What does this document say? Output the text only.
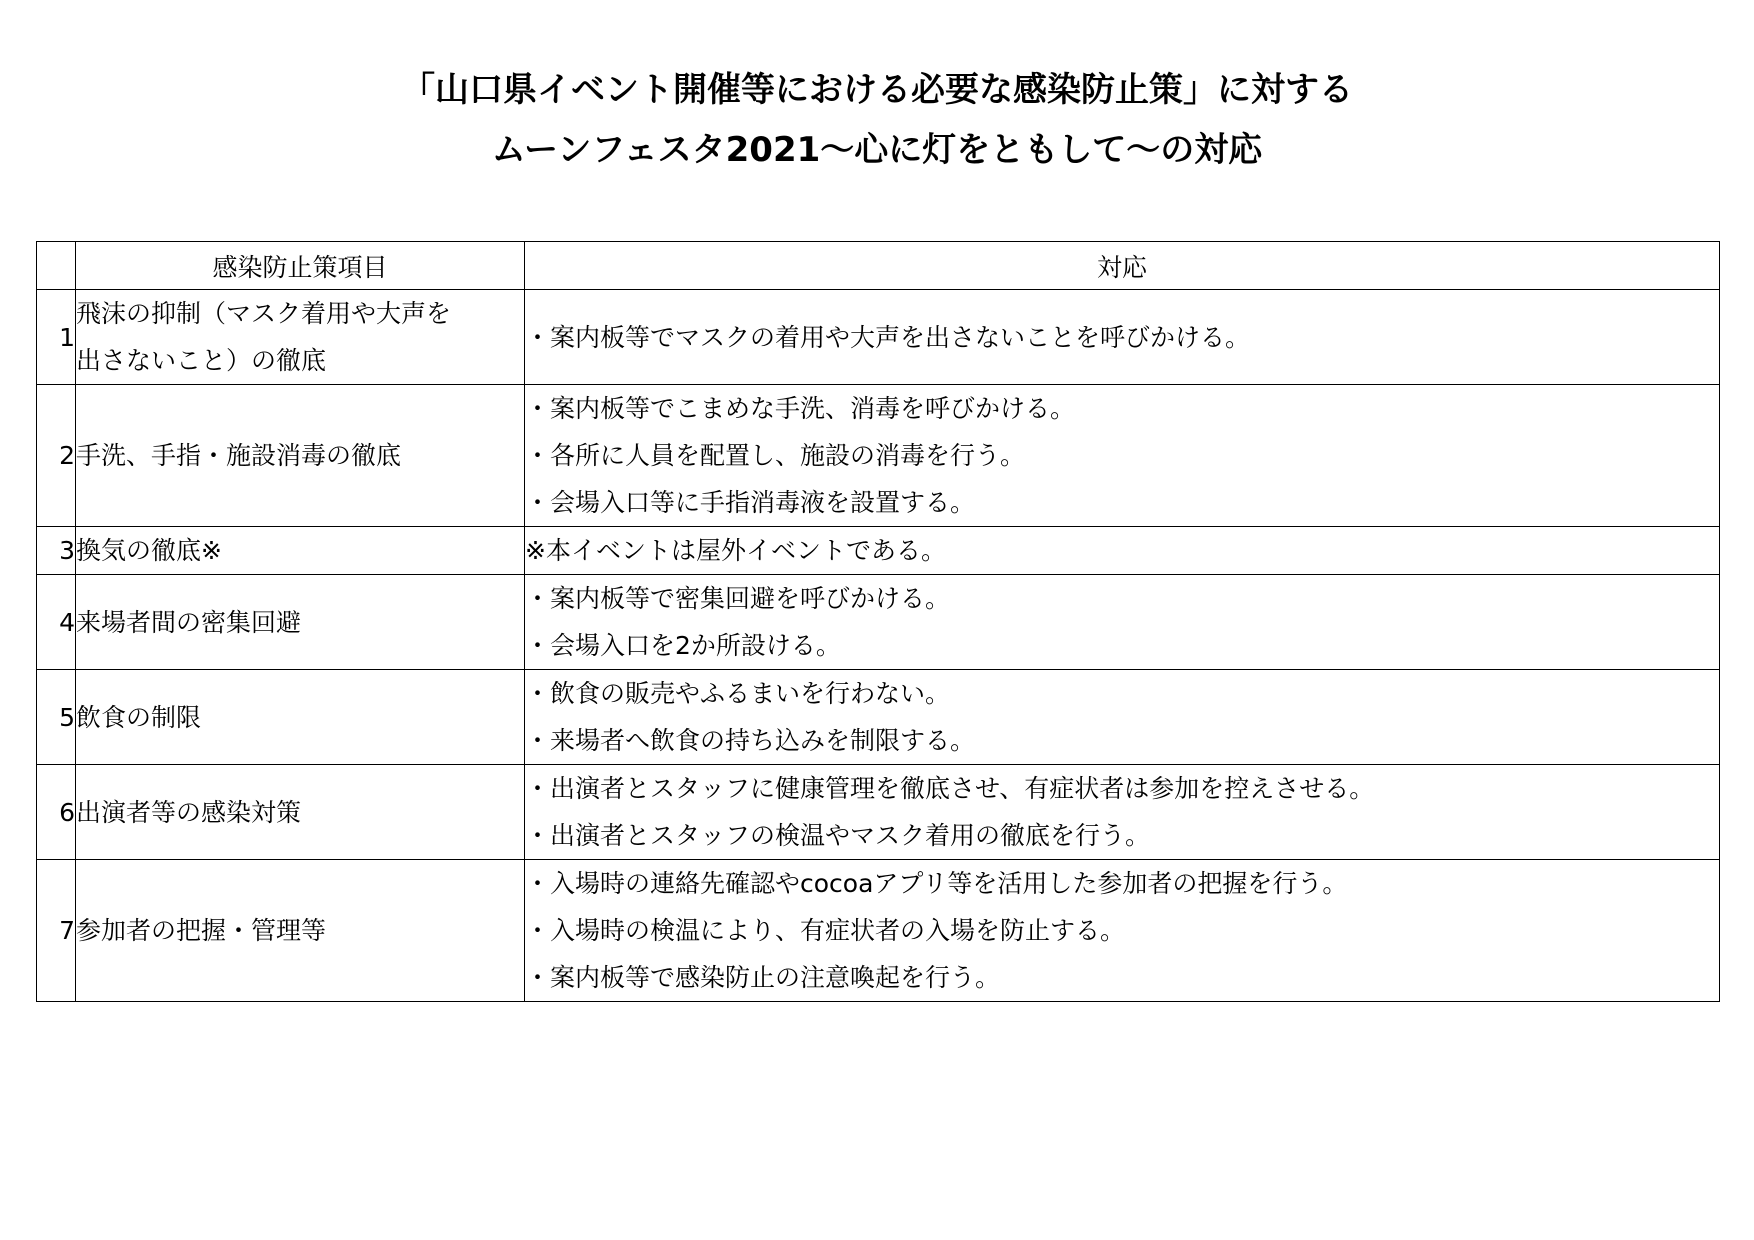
「山口県イベント開催等における必要な感染防止策」に対する
ムーンフェスタ2021～心に灯をともして～の対応
	感染防止策項目	対応
1	飛沫の抑制（マスク着用や大声を
出さないこと）の徹底	・案内板等でマスクの着用や大声を出さないことを呼びかける。

2	手洗、手指・施設消毒の徹底	・案内板等でこまめな手洗、消毒を呼びかける。
・各所に人員を配置し、施設の消毒を行う。
・会場入口等に手指消毒液を設置する。

3	換気の徹底※	※本イベントは屋外イベントである。

4	来場者間の密集回避	・案内板等で密集回避を呼びかける。
・会場入口を2か所設ける。

5	飲食の制限	・飲食の販売やふるまいを行わない。
・来場者へ飲食の持ち込みを制限する。

6	出演者等の感染対策	・出演者とスタッフに健康管理を徹底させ、有症状者は参加を控えさせる。
・出演者とスタッフの検温やマスク着用の徹底を行う。

7	参加者の把握・管理等	・入場時の連絡先確認やcocoaアプリ等を活用した参加者の把握を行う。
・入場時の検温により、有症状者の入場を防止する。
・案内板等で感染防止の注意喚起を行う。
